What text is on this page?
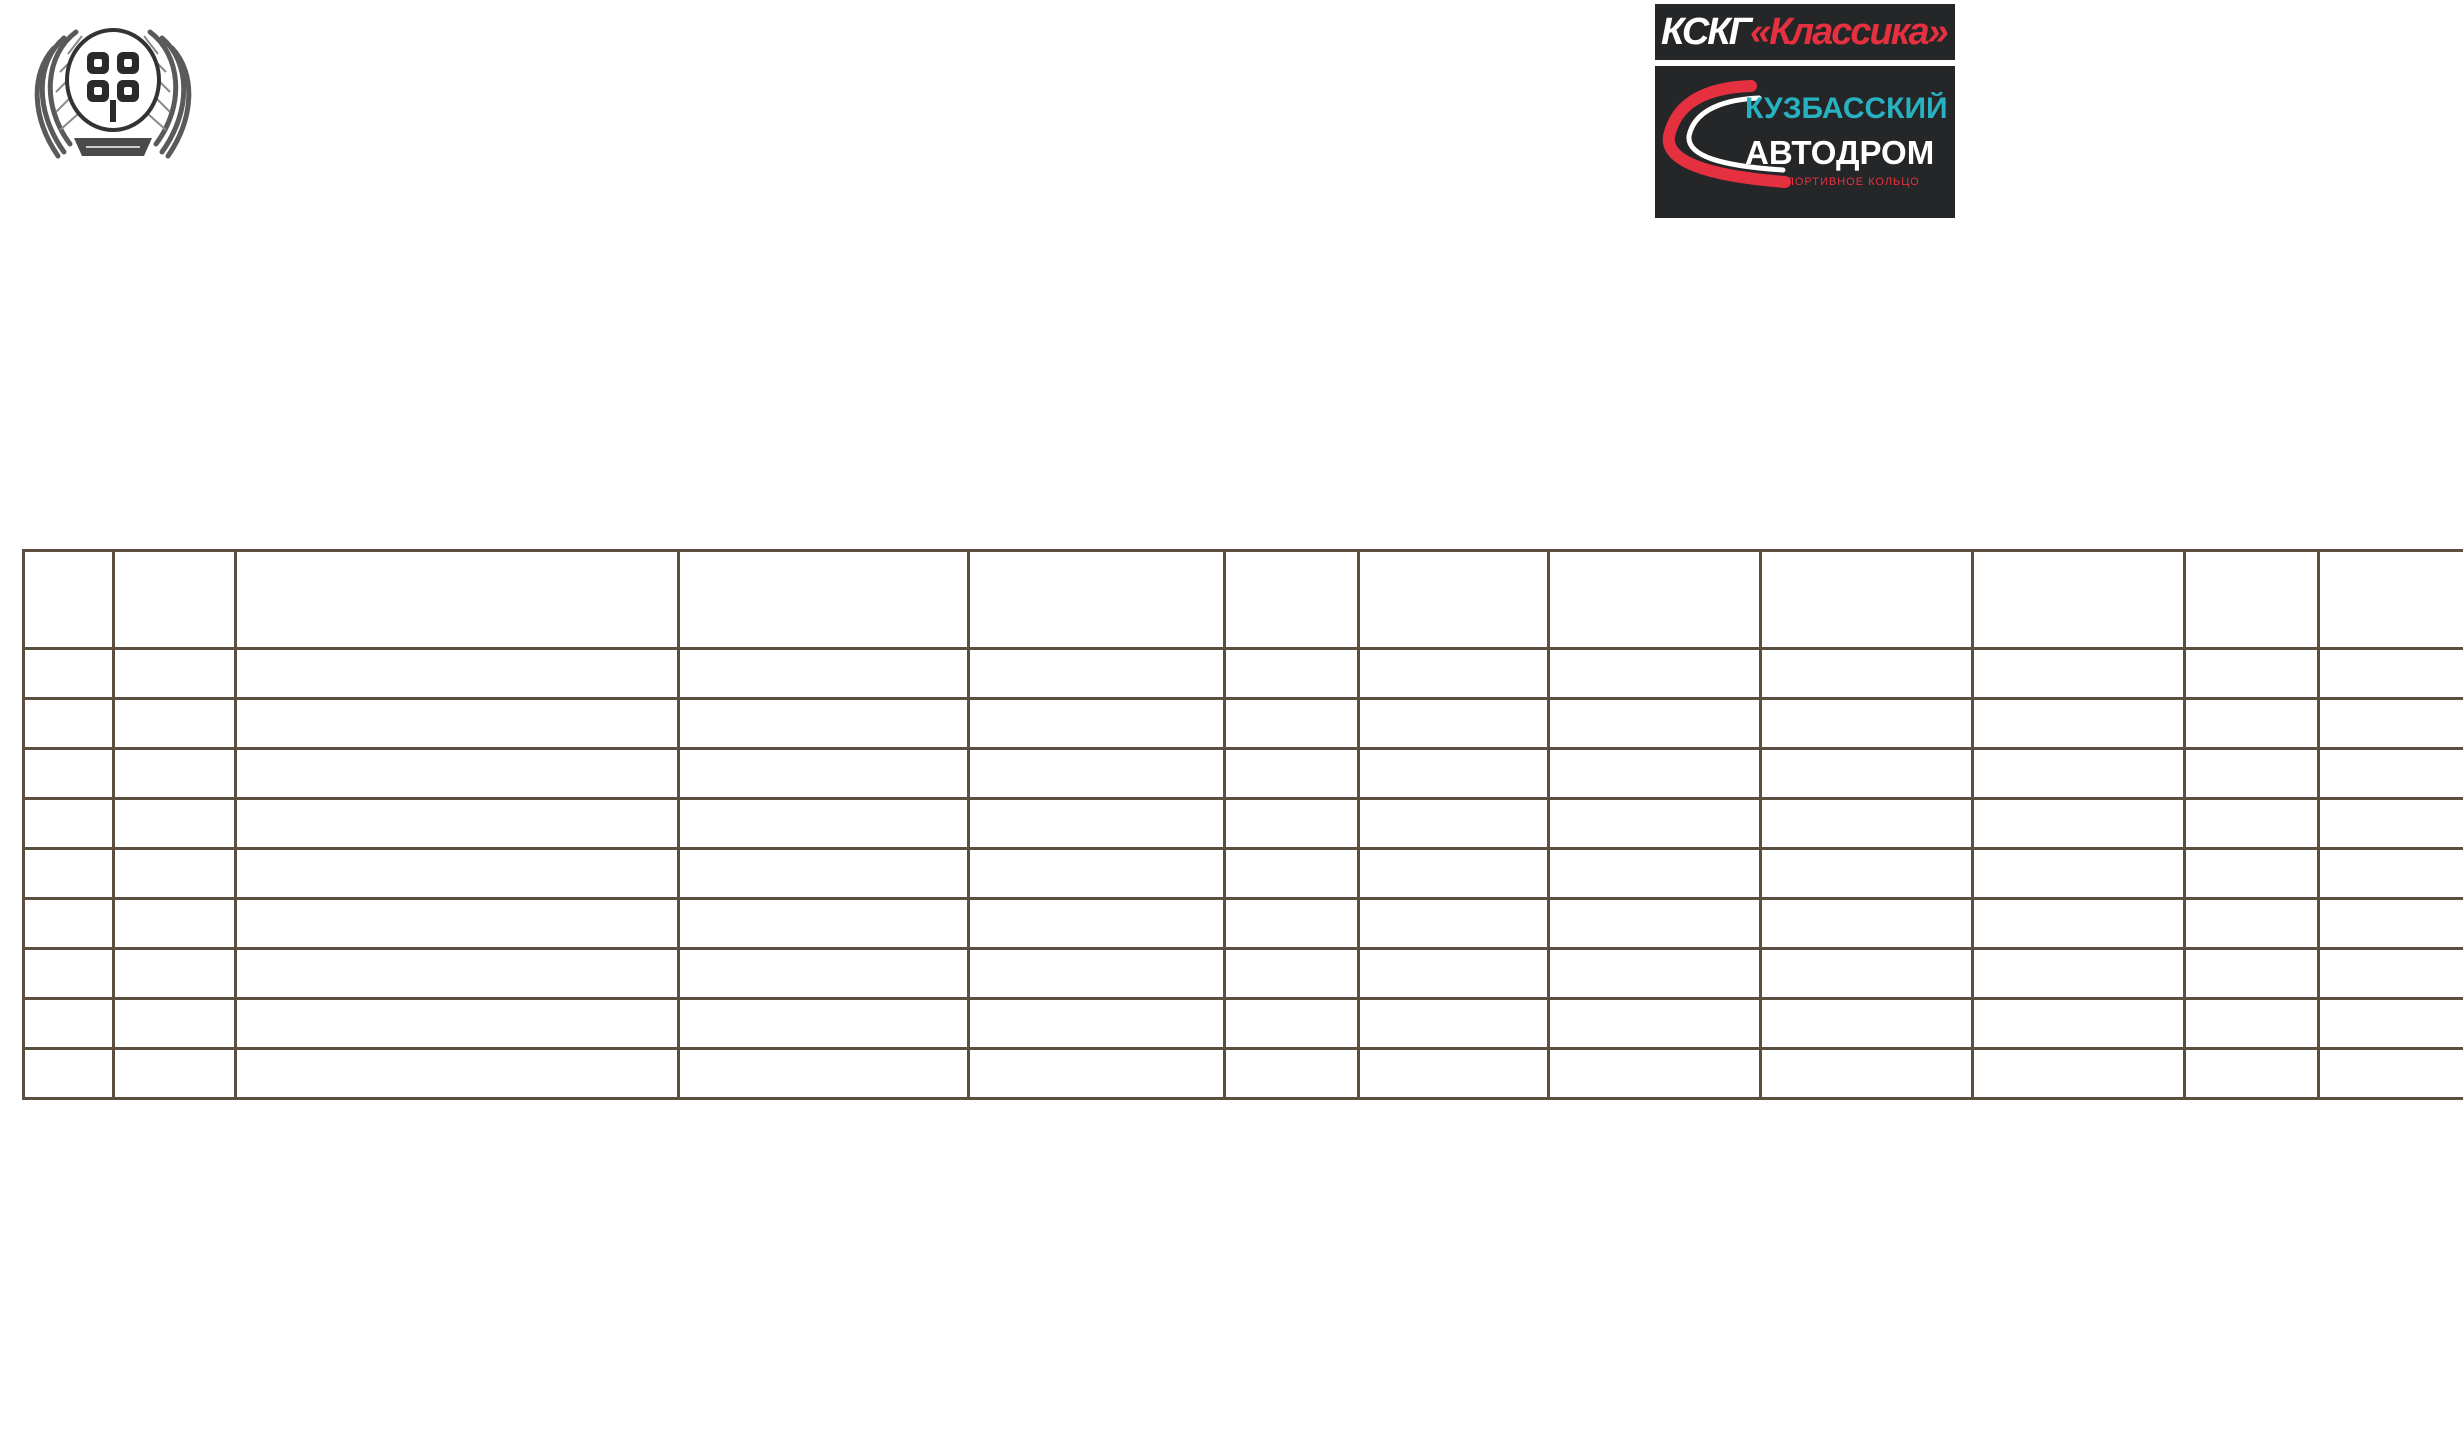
КСКГ«Классика»
КУЗБАССКИЙ
АВТОДРОМ
СПОРТИВНОЕ КОЛЬЦО
